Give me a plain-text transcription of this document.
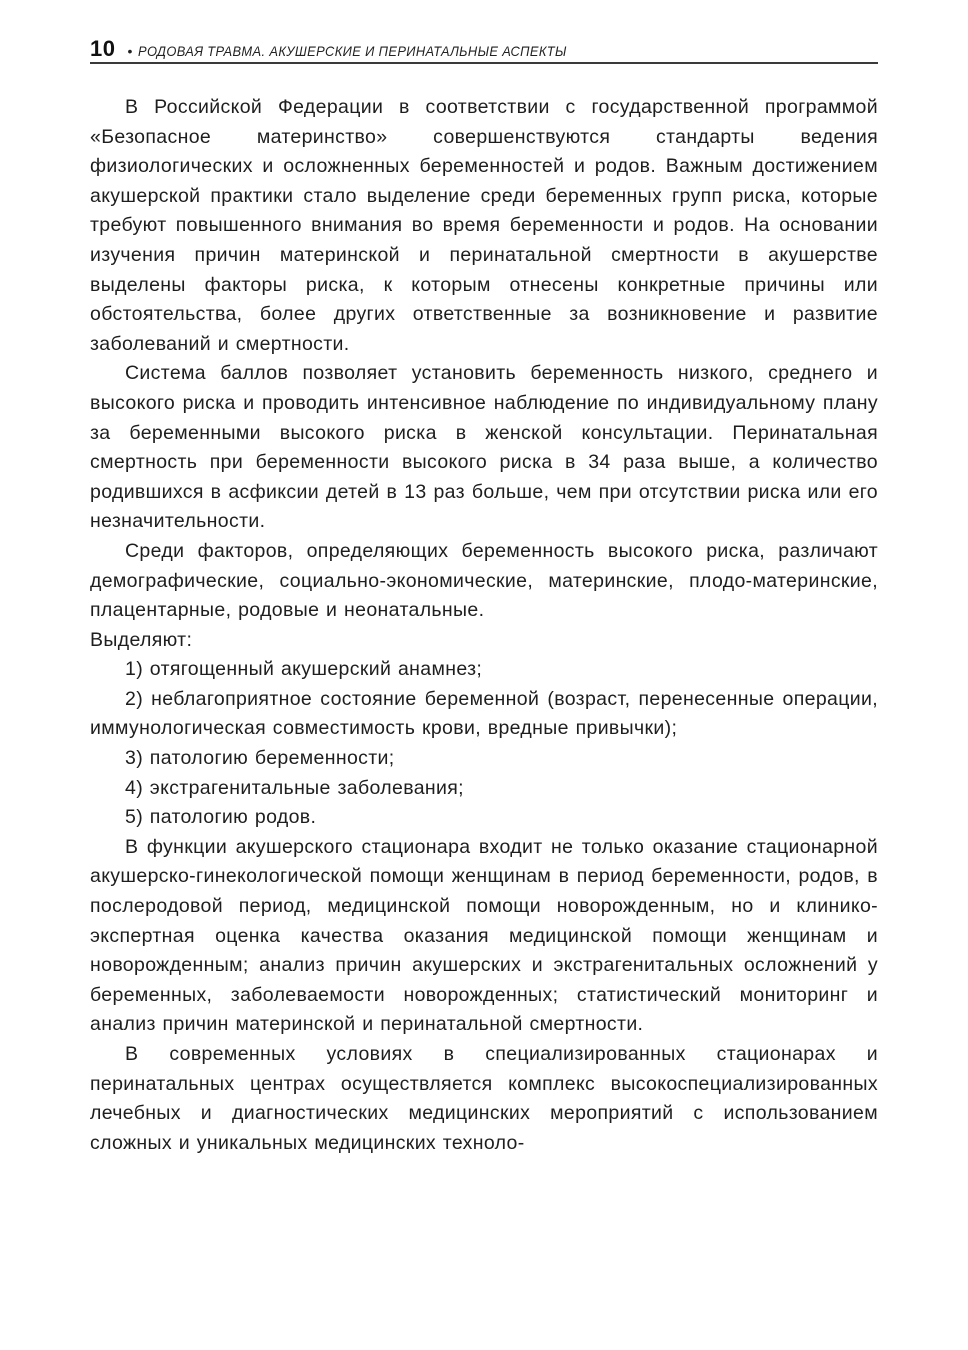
10 • РОДОВАЯ ТРАВМА. АКУШЕРСКИЕ И ПЕРИНАТАЛЬНЫЕ АСПЕКТЫ

В Российской Федерации в соответствии с государственной программой «Безопасное материнство» совершенствуются стандарты ведения физиологических и осложненных беременностей и родов. Важным достижением акушерской практики стало выделение среди беременных групп риска, которые требуют повышенного внимания во время беременности и родов. На основании изучения причин материнской и перинатальной смертности в акушерстве выделены факторы риска, к которым отнесены конкретные причины или обстоятельства, более других ответственные за возникновение и развитие заболеваний и смертности.

Система баллов позволяет установить беременность низкого, среднего и высокого риска и проводить интенсивное наблюдение по индивидуальному плану за беременными высокого риска в женской консультации. Перинатальная смертность при беременности высокого риска в 34 раза выше, а количество родившихся в асфиксии детей в 13 раз больше, чем при отсутствии риска или его незначительности.

Среди факторов, определяющих беременность высокого риска, различают демографические, социально-экономические, материнские, плодо-материнские, плацентарные, родовые и неонатальные.

Выделяют:

1) отягощенный акушерский анамнез;

2) неблагоприятное состояние беременной (возраст, перенесенные операции, иммунологическая совместимость крови, вредные привычки);

3) патологию беременности;

4) экстрагенитальные заболевания;

5) патологию родов.

В функции акушерского стационара входит не только оказание стационарной акушерско-гинекологической помощи женщинам в период беременности, родов, в послеродовой период, медицинской помощи новорожденным, но и клинико-экспертная оценка качества оказания медицинской помощи женщинам и новорожденным; анализ причин акушерских и экстрагенитальных осложнений у беременных, заболеваемости новорожденных; статистический мониторинг и анализ причин материнской и перинатальной смертности.

В современных условиях в специализированных стационарах и перинатальных центрах осуществляется комплекс высокоспециализированных лечебных и диагностических медицинских мероприятий с использованием сложных и уникальных медицинских техноло-
